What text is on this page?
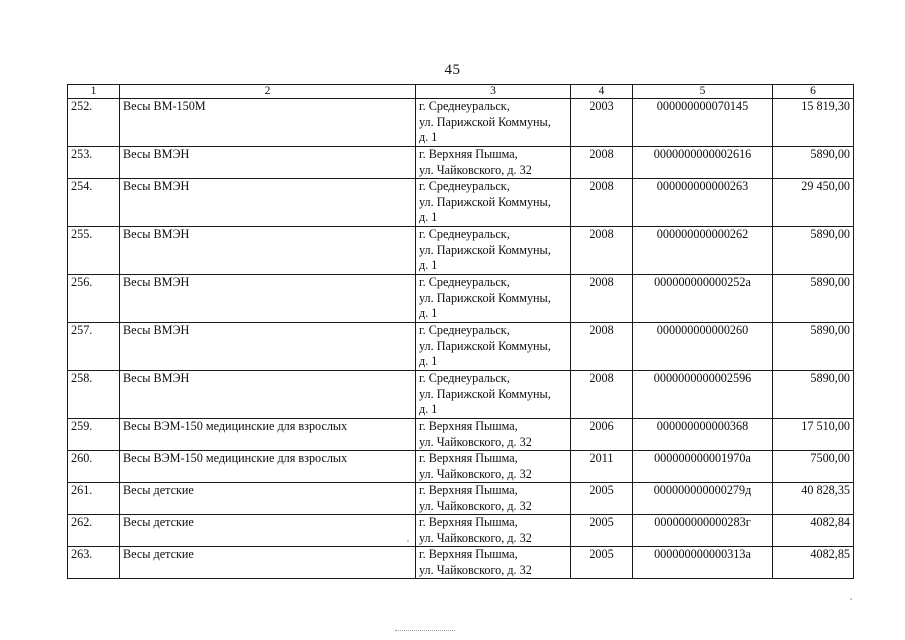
45
1	2	3	4	5	6
252.	Весы ВМ-150М	г. Среднеуральск,
ул. Парижской Коммуны,
д. 1	2003	000000000070145	15 819,30
253.	Весы ВМЭН	г. Верхняя Пышма,
ул. Чайковского, д. 32	2008	0000000000002616	5890,00
254.	Весы ВМЭН	г. Среднеуральск,
ул. Парижской Коммуны,
д. 1	2008	000000000000263	29 450,00
255.	Весы ВМЭН	г. Среднеуральск,
ул. Парижской Коммуны,
д. 1	2008	000000000000262	5890,00
256.	Весы ВМЭН	г. Среднеуральск,
ул. Парижской Коммуны,
д. 1	2008	000000000000252а	5890,00
257.	Весы ВМЭН	г. Среднеуральск,
ул. Парижской Коммуны,
д. 1	2008	000000000000260	5890,00
258.	Весы ВМЭН	г. Среднеуральск,
ул. Парижской Коммуны,
д. 1	2008	0000000000002596	5890,00
259.	Весы ВЭМ-150 медицинские для взрослых	г. Верхняя Пышма,
ул. Чайковского, д. 32	2006	000000000000368	17 510,00
260.	Весы ВЭМ-150 медицинские для взрослых	г. Верхняя Пышма,
ул. Чайковского, д. 32	2011	000000000001970а	7500,00
261.	Весы детские	г. Верхняя Пышма,
ул. Чайковского, д. 32	2005	000000000000279д	40 828,35
262.	Весы детские	г. Верхняя Пышма,
ул. Чайковского, д. 32	2005	000000000000283г	4082,84
263.	Весы детские	г. Верхняя Пышма,
ул. Чайковского, д. 32	2005	000000000000313а	4082,85
